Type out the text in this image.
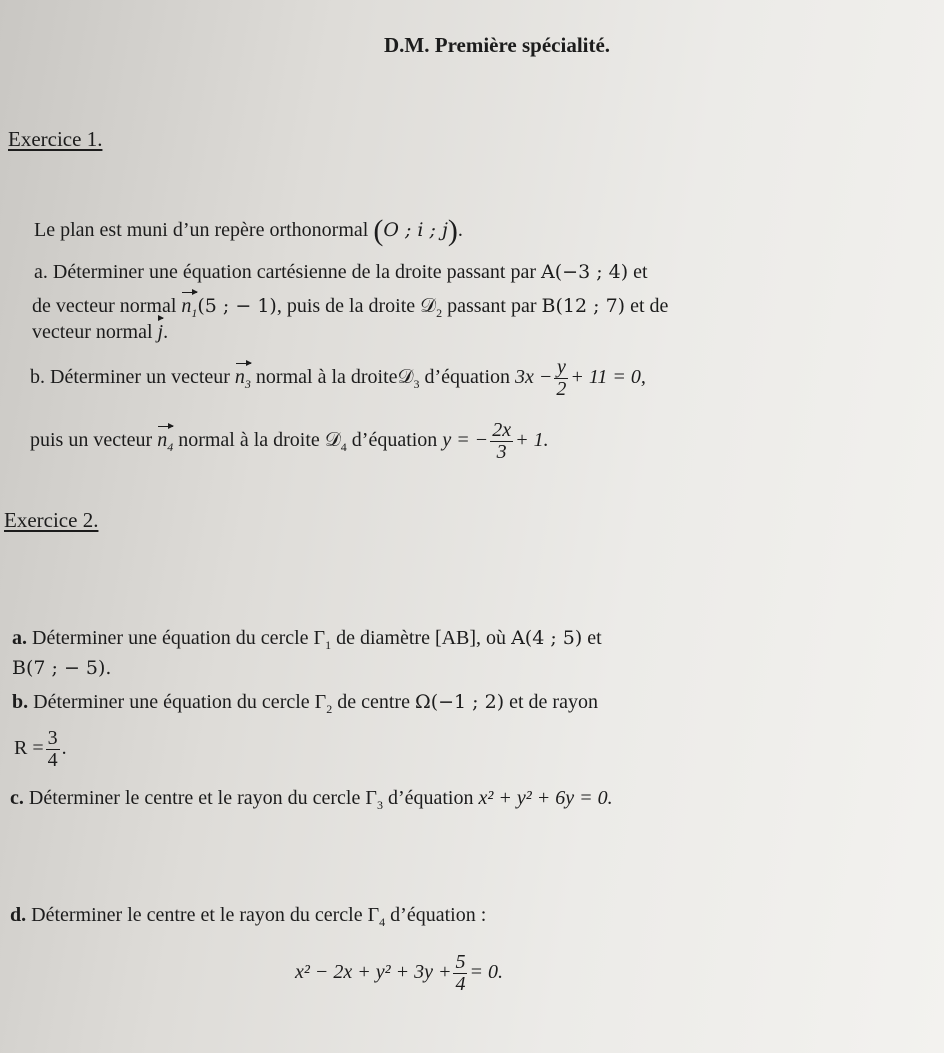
D.M. Première spécialité.
Exercice 1.
Le plan est muni d’un repère orthonormal (O ; i ; j).
a. Déterminer une équation cartésienne de la droite passant par A(−3 ; 4) et
de vecteur normal $n_1(5$ ; − 1), puis de la droite 𝒟$_2$ passant par B(12 ; 7) et de
vecteur normal j.
b. Déterminer un vecteur $n_3$ normal à la droite𝒟$_3$ d’équation $3x - \frac{y}{2} + 11 = 0$,
puis un vecteur $n_4$ normal à la droite 𝒟$_4$ d’équation y = − $\frac{2x}{3} + 1$.
Exercice 2.
a. Déterminer une équation du cercle $\Gamma_1$ de diamètre [AB], où A(4 ; 5) et
B(7 ; − 5).
b. Déterminer une équation du cercle $\Gamma_2$ de centre Ω(−1 ; 2) et de rayon
$R = \frac{3}{4}$ .
c. Déterminer le centre et le rayon du cercle $\Gamma_3$ d’équation x² + y² + 6y = 0.
d. Déterminer le centre et le rayon du cercle $\Gamma_4$ d’équation :
$x^2 - 2x + y^2 + 3y + \frac{5}{4} = 0$.
